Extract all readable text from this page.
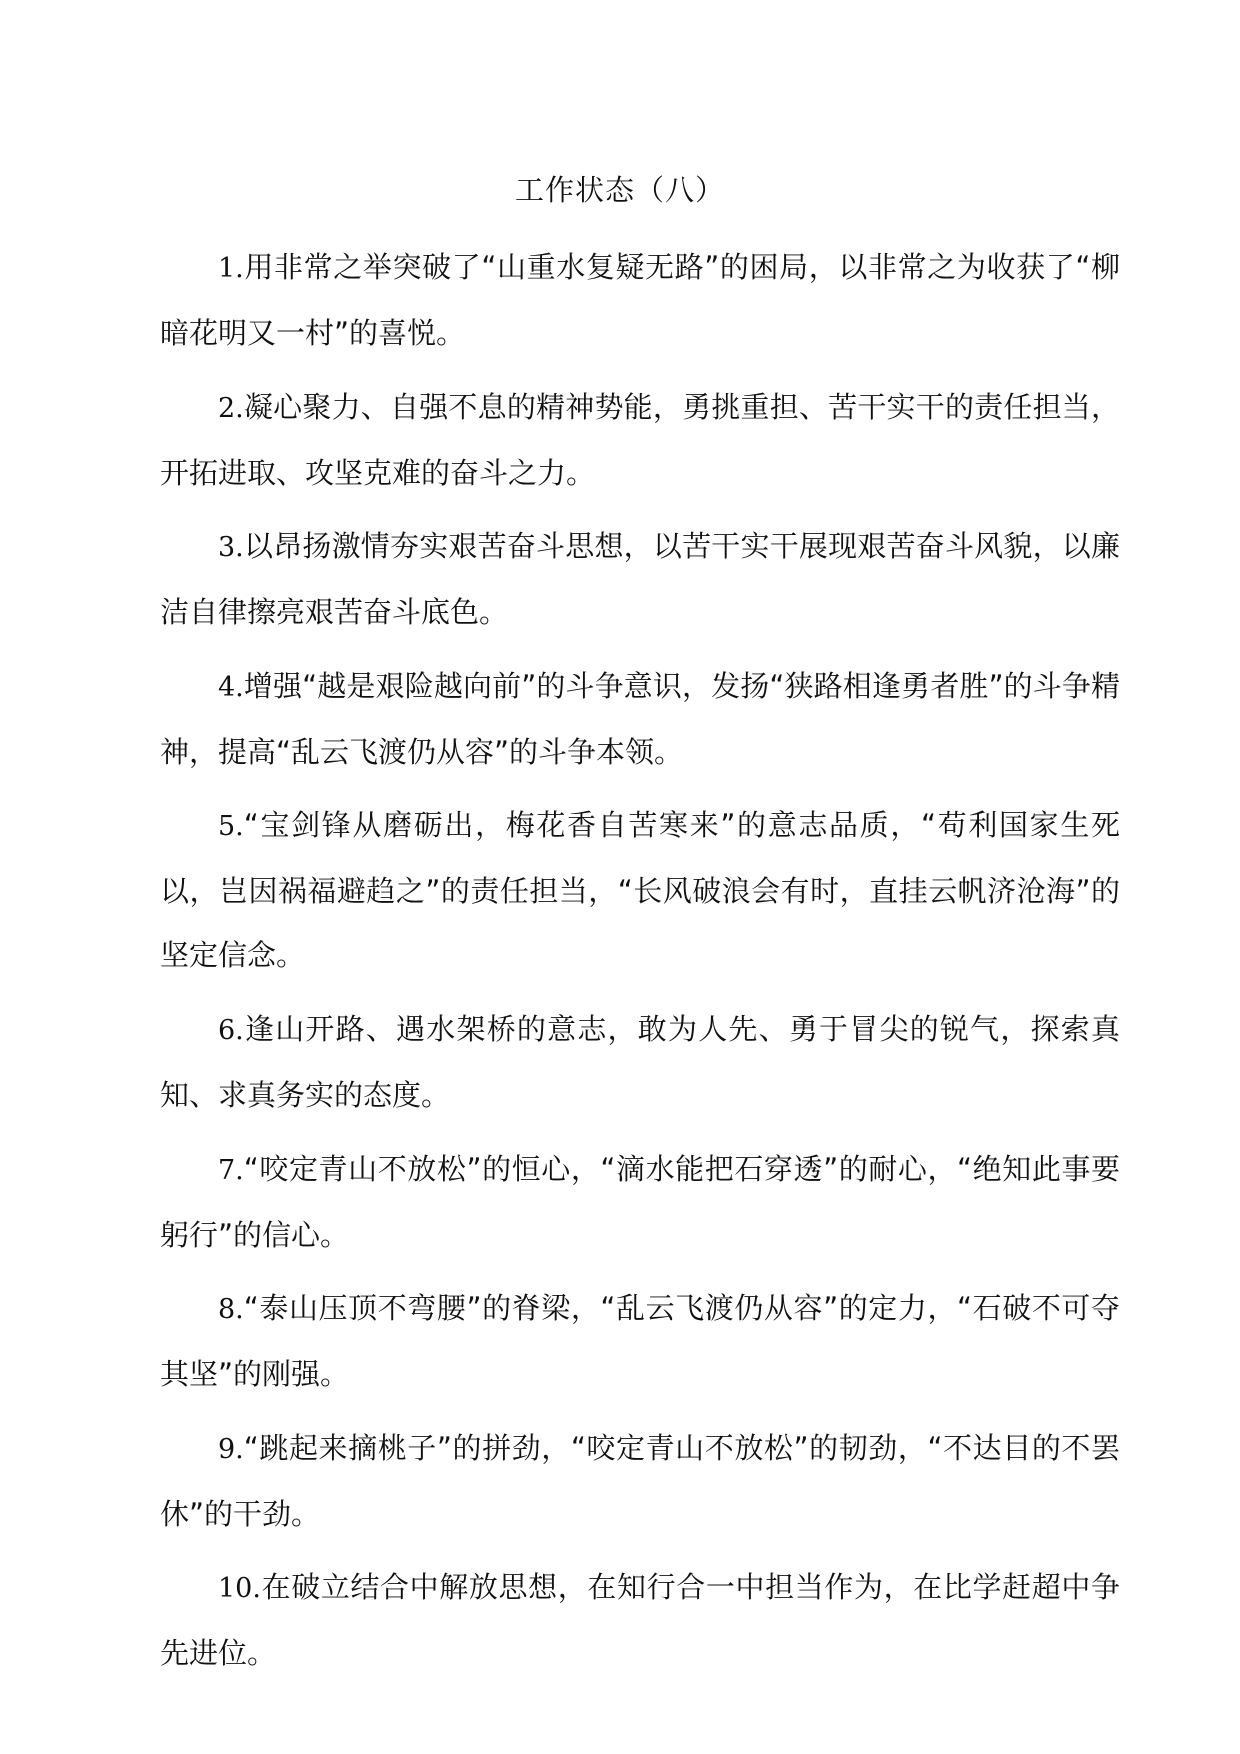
工作状态（八）

1.用非常之举突破了“山重水复疑无路”的困局，以非常之为收获了“柳暗花明又一村”的喜悦。

2.凝心聚力、自强不息的精神势能，勇挑重担、苦干实干的责任担当，开拓进取、攻坚克难的奋斗之力。

3.以昂扬激情夯实艰苦奋斗思想，以苦干实干展现艰苦奋斗风貌，以廉洁自律擦亮艰苦奋斗底色。

4.增强“越是艰险越向前”的斗争意识，发扬“狭路相逢勇者胜”的斗争精神，提高“乱云飞渡仍从容”的斗争本领。

5.“宝剑锋从磨砺出，梅花香自苦寒来”的意志品质，“苟利国家生死以，岂因祸福避趋之”的责任担当，“长风破浪会有时，直挂云帆济沧海”的坚定信念。

6.逢山开路、遇水架桥的意志，敢为人先、勇于冒尖的锐气，探索真知、求真务实的态度。

7.“咬定青山不放松”的恒心，“滴水能把石穿透”的耐心，“绝知此事要躬行”的信心。

8.“泰山压顶不弯腰”的脊梁，“乱云飞渡仍从容”的定力，“石破不可夺其坚”的刚强。

9.“跳起来摘桃子”的拼劲，“咬定青山不放松”的韧劲，“不达目的不罢休”的干劲。

10.在破立结合中解放思想，在知行合一中担当作为，在比学赶超中争先进位。
